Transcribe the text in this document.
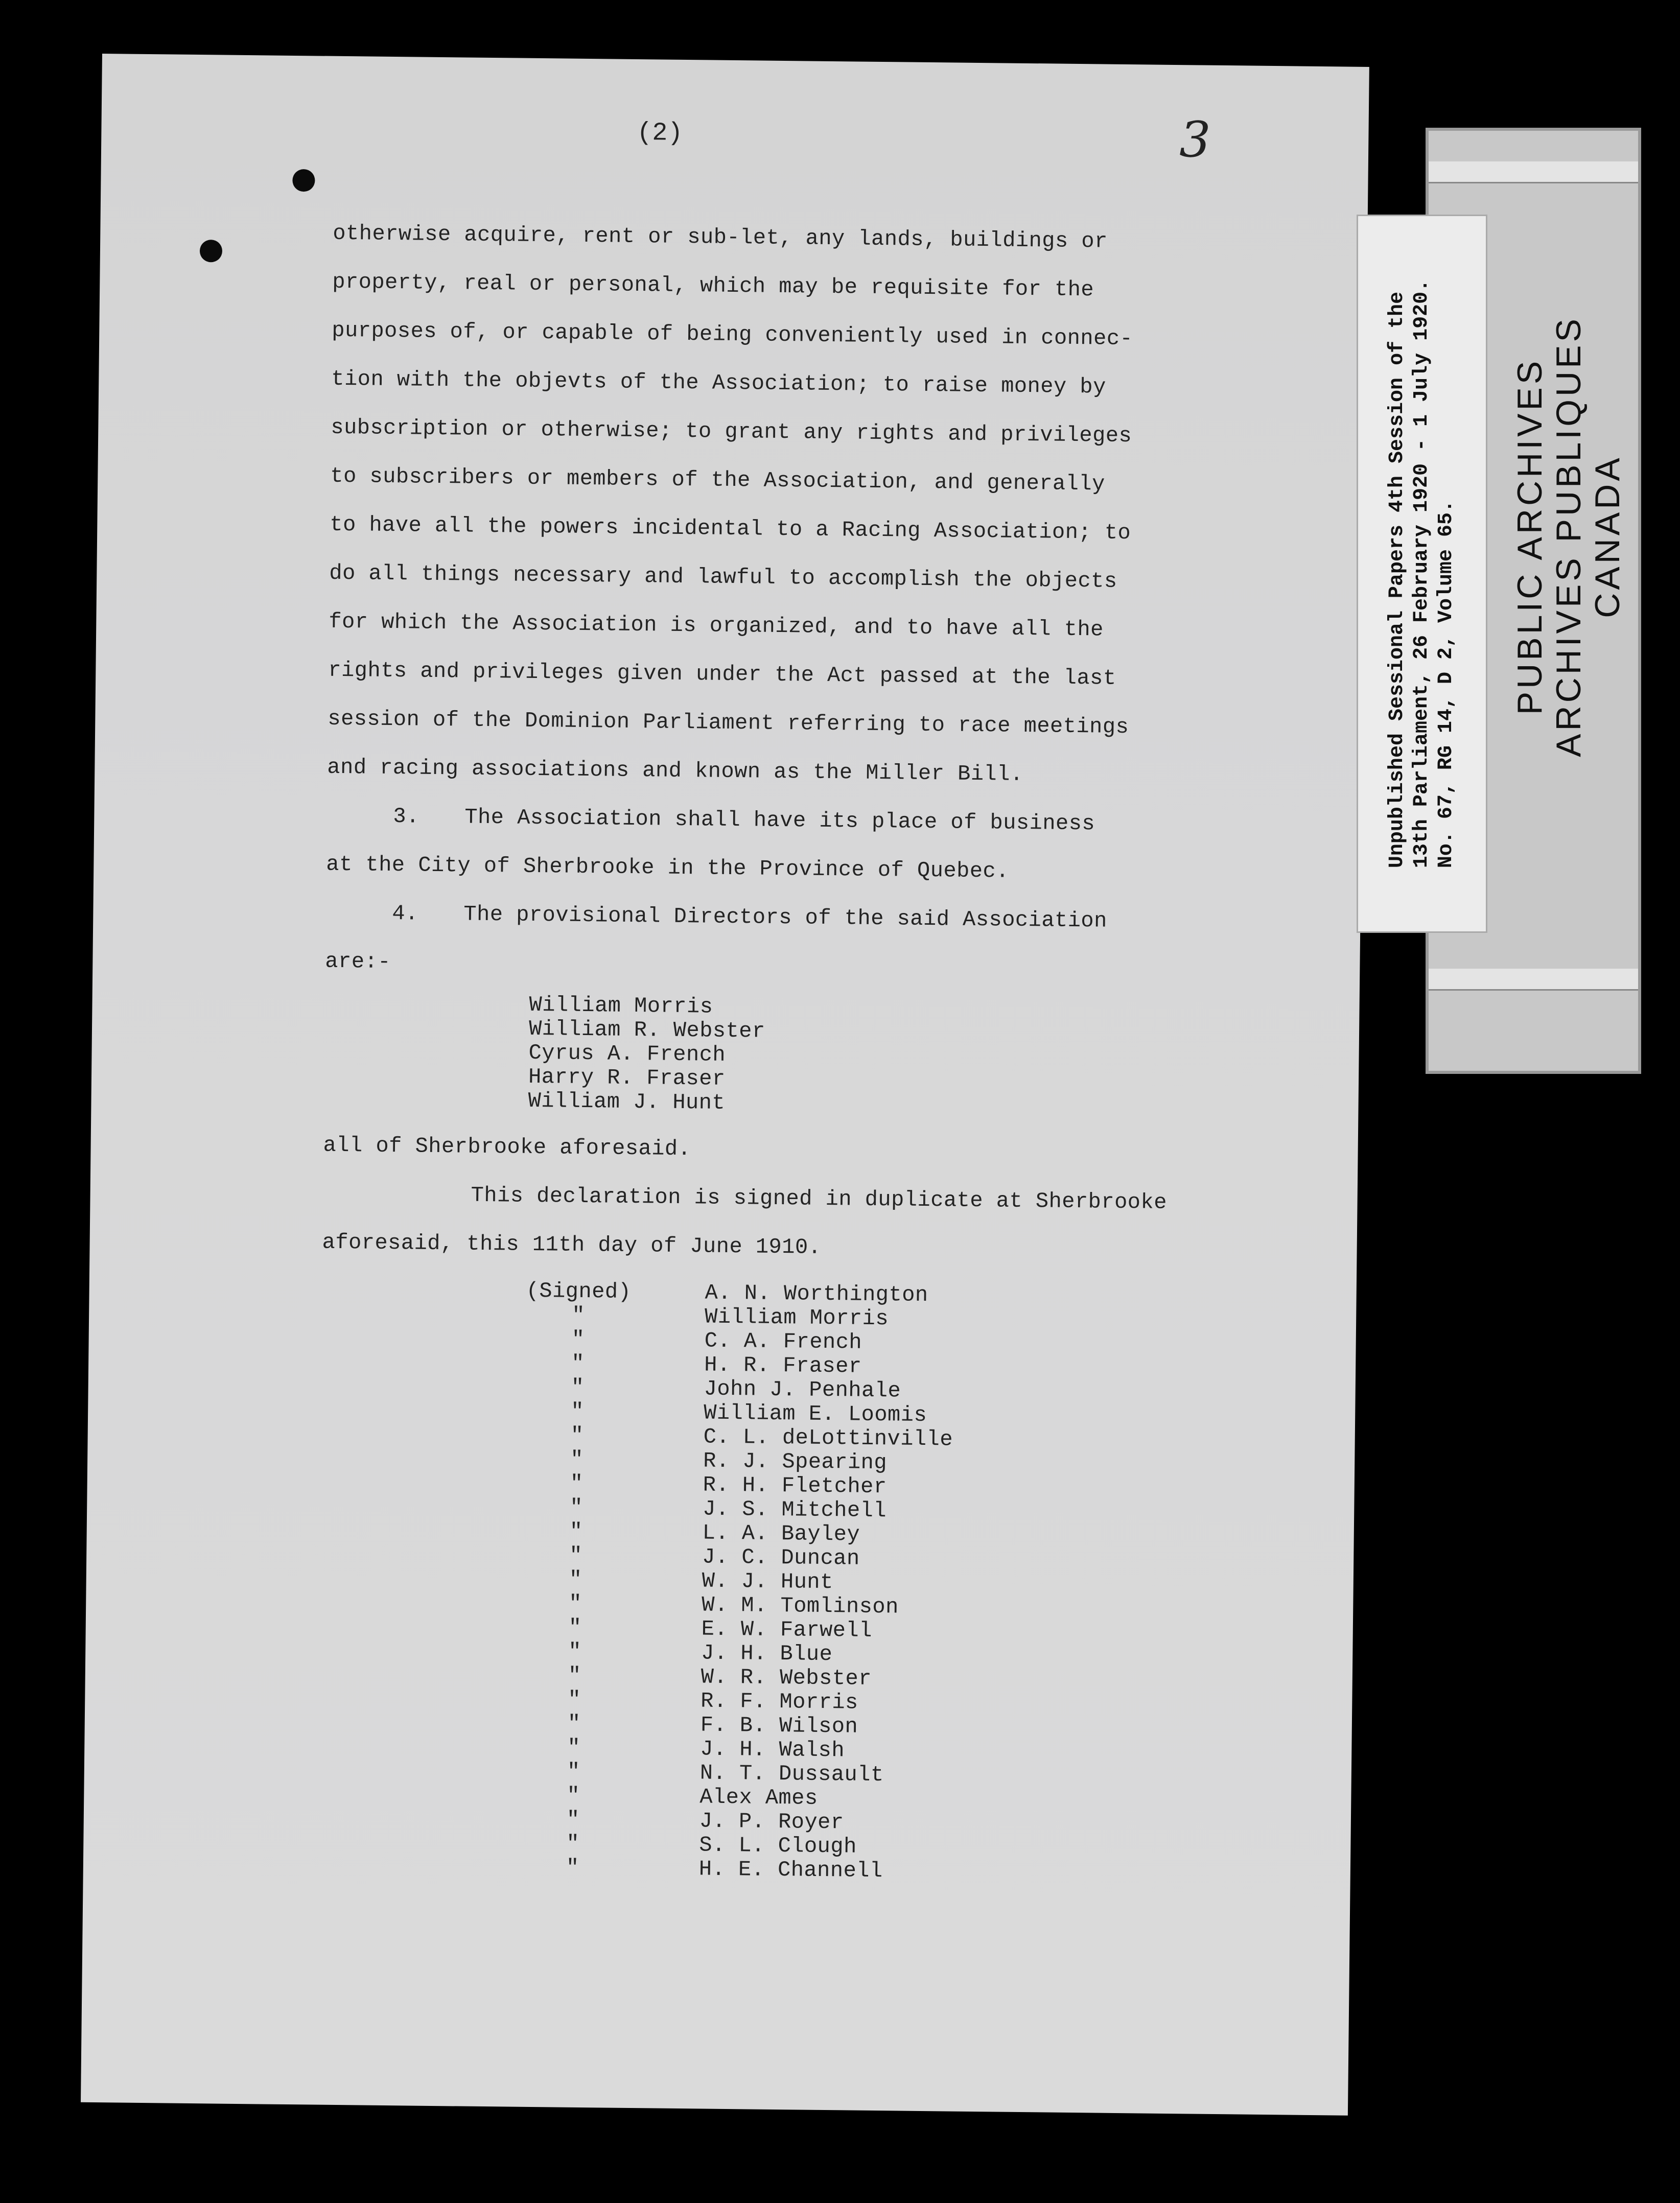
(2)	3
otherwise acquire, rent or sub-let, any lands, buildings or
property, real or personal, which may be requisite for the
purposes of, or capable of being conveniently used in connec-
tion with the objevts of the Association; to raise money by
subscription or otherwise; to grant any rights and privileges
to subscribers or members of the Association, and generally
to have all the powers incidental to a Racing Association; to
do all things necessary and lawful to accomplish the objects
for which the Association is organized, and to have all the
rights and privileges given under the Act passed at the last
session of the Dominion Parliament referring to race meetings
and racing associations and known as the Miller Bill.
3. The Association shall have its place of business
at the City of Sherbrooke in the Province of Quebec.
4. The provisional Directors of the said Association
are:-
William Morris
William R. Webster
Cyrus A. French
Harry R. Fraser
William J. Hunt
all of Sherbrooke aforesaid.
This declaration is signed in duplicate at Sherbrooke
aforesaid, this 11th day of June 1910.
(Signed)	A. N. Worthington
"	William Morris
"	C. A. French
"	H. R. Fraser
"	John J. Penhale
"	William E. Loomis
"	C. L. deLottinville
"	R. J. Spearing
"	R. H. Fletcher
"	J. S. Mitchell
"	L. A. Bayley
"	J. C. Duncan
"	W. J. Hunt
"	W. M. Tomlinson
"	E. W. Farwell
"	J. H. Blue
"	W. R. Webster
"	R. F. Morris
"	F. B. Wilson
"	J. H. Walsh
"	N. T. Dussault
"	Alex Ames
"	J. P. Royer
"	S. L. Clough
"	H. E. Channell
Unpublished Sessional Papers 4th Session of the 13th Parliament, 26 February 1920 - 1 July 1920. No. 67, RG 14, D 2, Volume 65. PUBLIC ARCHIVES ARCHIVES PUBLIQUES CANADA
